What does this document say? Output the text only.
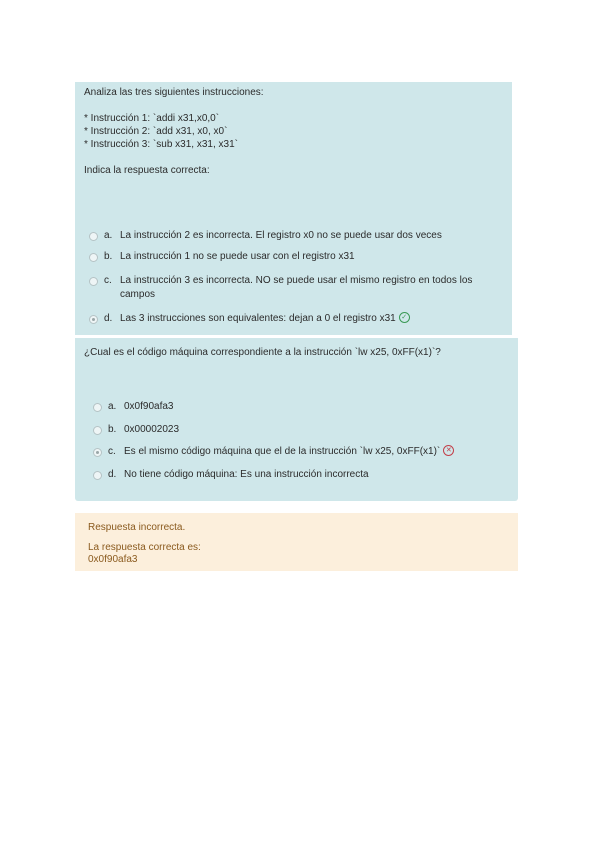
Analiza las tres siguientes instrucciones:
* Instrucción 1: `addi x31,x0,0`
* Instrucción 2: `add x31, x0, x0`
* Instrucción 3: `sub x31, x31, x31`
Indica la respuesta correcta:
a. La instrucción 2 es incorrecta. El registro x0 no se puede usar dos veces
b. La instrucción 1 no se puede usar con el registro x31
c. La instrucción 3 es incorrecta. NO se puede usar el mismo registro en todos los campos
d. Las 3 instrucciones son equivalentes: dejan a 0 el registro x31 ✓
¿Cual es el código máquina correspondiente a la instrucción `lw x25, 0xFF(x1)`?
a. 0x0f90afa3
b. 0x00002023
c. Es el mismo código máquina que el de la instrucción `lw x25, 0xFF(x1)` ✕
d. No tiene código máquina: Es una instrucción incorrecta
Respuesta incorrecta.
La respuesta correcta es:
0x0f90afa3
